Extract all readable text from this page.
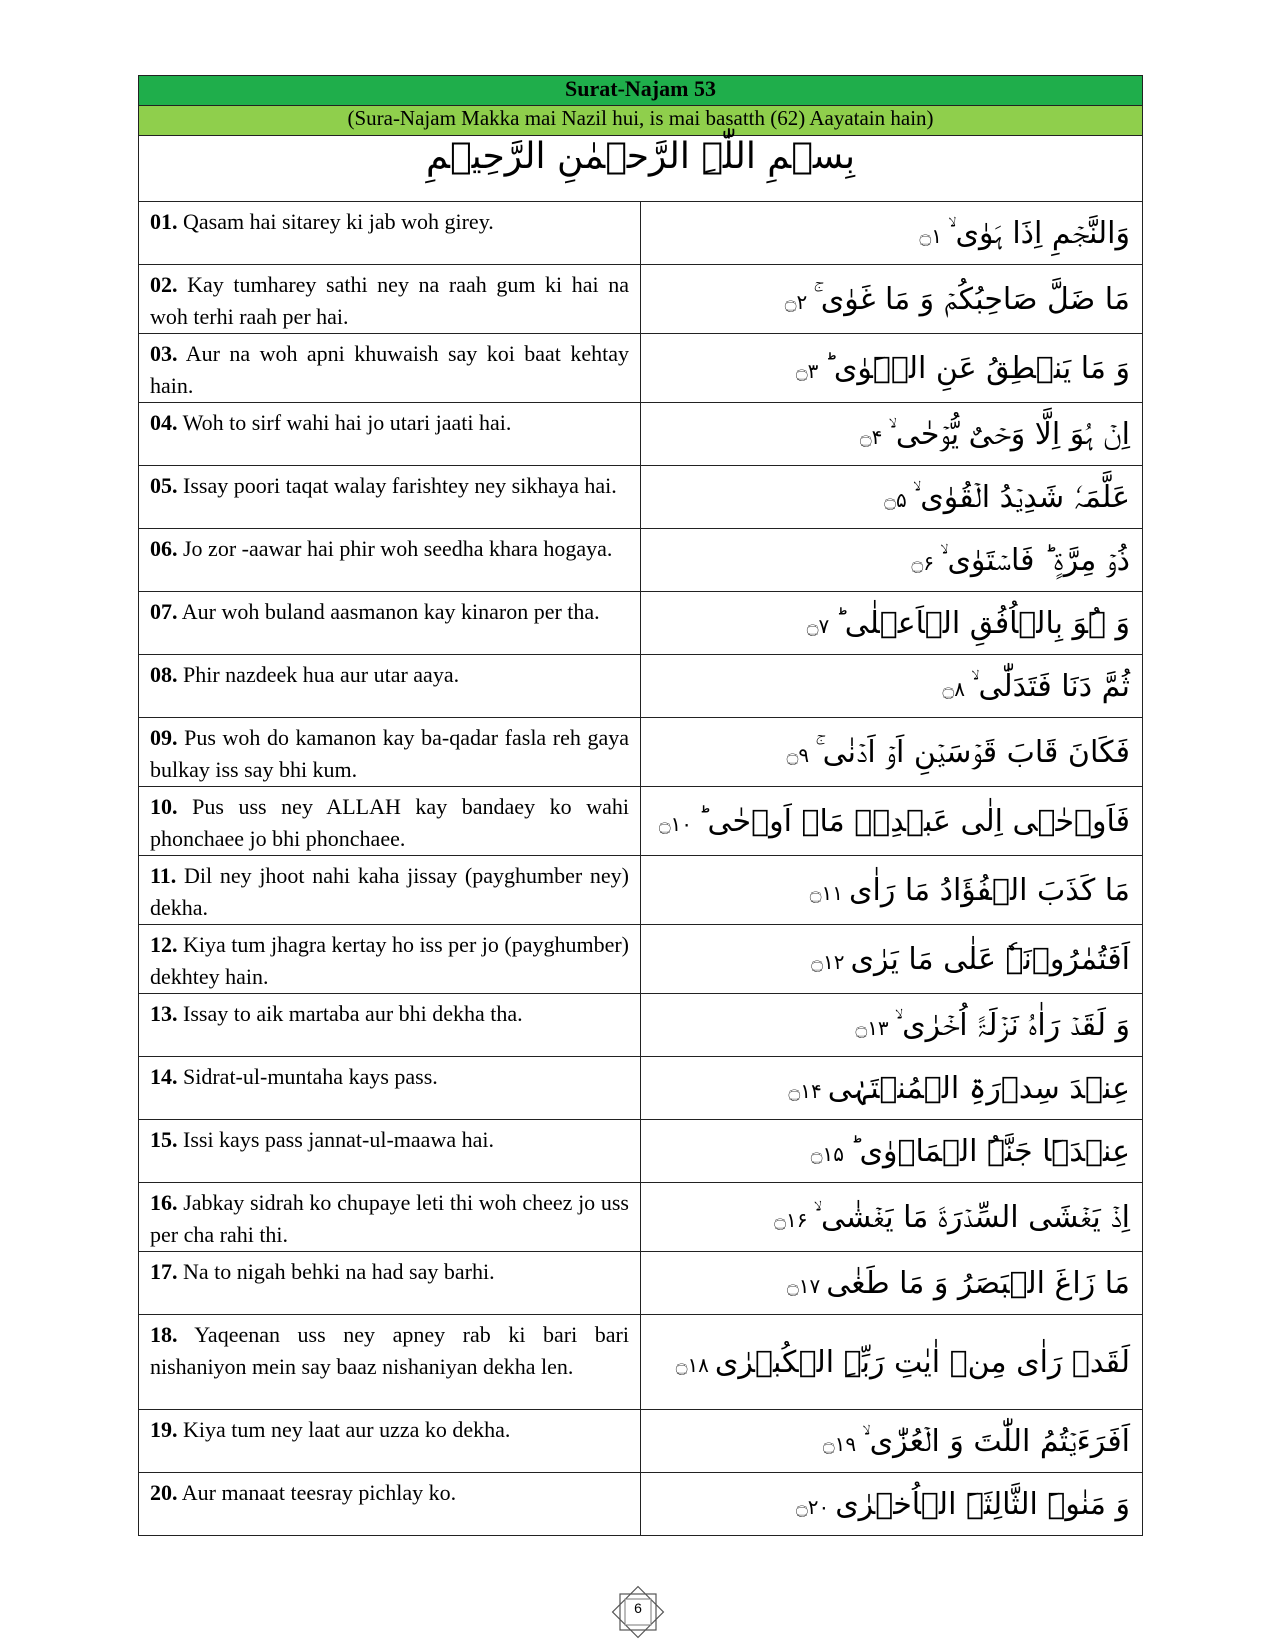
Surat-Najam 53	
(Sura-Najam Makka mai Nazil hui, is mai basatth (62) Aayatain hain)	
بِسۡمِ اللّٰہِ الرَّحۡمٰنِ الرَّحِیۡمِ	
01. Qasam hai sitarey ki jab woh girey.	وَالنَّجۡمِ اِذَا ہَوٰی ۙ۝۱
02. Kay tumharey sathi ney na raah gum ki hai na woh terhi raah per hai.	مَا ضَلَّ صَاحِبُکُمۡ وَ مَا غَوٰی ۚ۝۲
03. Aur na woh apni khuwaish say koi baat kehtay hain.	وَ مَا یَنۡطِقُ عَنِ الۡہَوٰی ؕ۝۳
04. Woh to sirf wahi hai jo utari jaati hai.	اِنۡ ہُوَ اِلَّا وَحۡیٌ یُّوۡحٰی ۙ۝۴
05. Issay poori taqat walay farishtey ney sikhaya hai.	عَلَّمَہٗ شَدِیۡدُ الۡقُوٰی ۙ۝۵
06. Jo zor -aawar hai phir woh seedha khara hogaya.	ذُوۡ مِرَّۃٍ ؕ فَاسۡتَوٰی ۙ۝۶
07. Aur woh buland aasmanon kay kinaron per tha.	وَ ہُوَ بِالۡاُفُقِ الۡاَعۡلٰی ؕ۝۷
08. Phir nazdeek hua aur utar aaya.	ثُمَّ دَنَا فَتَدَلّٰی ۙ۝۸
09. Pus woh do kamanon kay ba-qadar fasla reh gaya bulkay iss say bhi kum.	فَکَانَ قَابَ قَوۡسَیۡنِ اَوۡ اَدۡنٰی ۚ۝۹
10. Pus uss ney ALLAH kay bandaey ko wahi phonchaee jo bhi phonchaee.	فَاَوۡحٰۤی اِلٰی عَبۡدِہٖ مَاۤ اَوۡحٰی ؕ۝۱۰
11. Dil ney jhoot nahi kaha jissay (payghumber ney) dekha.	مَا کَذَبَ الۡفُؤَادُ مَا رَاٰی۝۱۱
12. Kiya tum jhagra kertay ho iss per jo (payghumber) dekhtey hain.	اَفَتُمٰرُوۡنَہٗ عَلٰی مَا یَرٰی۝۱۲
13. Issay to aik martaba aur bhi dekha tha.	وَ لَقَدۡ رَاٰہُ نَزۡلَۃً اُخۡرٰی ۙ۝۱۳
14. Sidrat-ul-muntaha kays pass.	عِنۡدَ سِدۡرَۃِ الۡمُنۡتَہٰی۝۱۴
15. Issi kays pass jannat-ul-maawa hai.	عِنۡدَہَا جَنَّۃُ الۡمَاۡوٰی ؕ۝۱۵
16. Jabkay sidrah ko chupaye leti thi woh cheez jo uss per cha rahi thi.	اِذۡ یَغۡشَی السِّدۡرَۃَ مَا یَغۡشٰی ۙ۝۱۶
17. Na to nigah behki na had say barhi.	مَا زَاغَ الۡبَصَرُ وَ مَا طَغٰی۝۱۷
18. Yaqeenan uss ney apney rab ki bari bari nishaniyon mein say baaz nishaniyan dekha len.	لَقَدۡ رَاٰی مِنۡ اٰیٰتِ رَبِّہِ الۡکُبۡرٰی۝۱۸
19. Kiya tum ney laat aur uzza ko dekha.	اَفَرَءَیۡتُمُ اللّٰتَ وَ الۡعُزّٰی ۙ۝۱۹
20. Aur manaat teesray pichlay ko.	وَ مَنٰوۃَ الثَّالِثَۃَ الۡاُخۡرٰی۝۲۰
6
